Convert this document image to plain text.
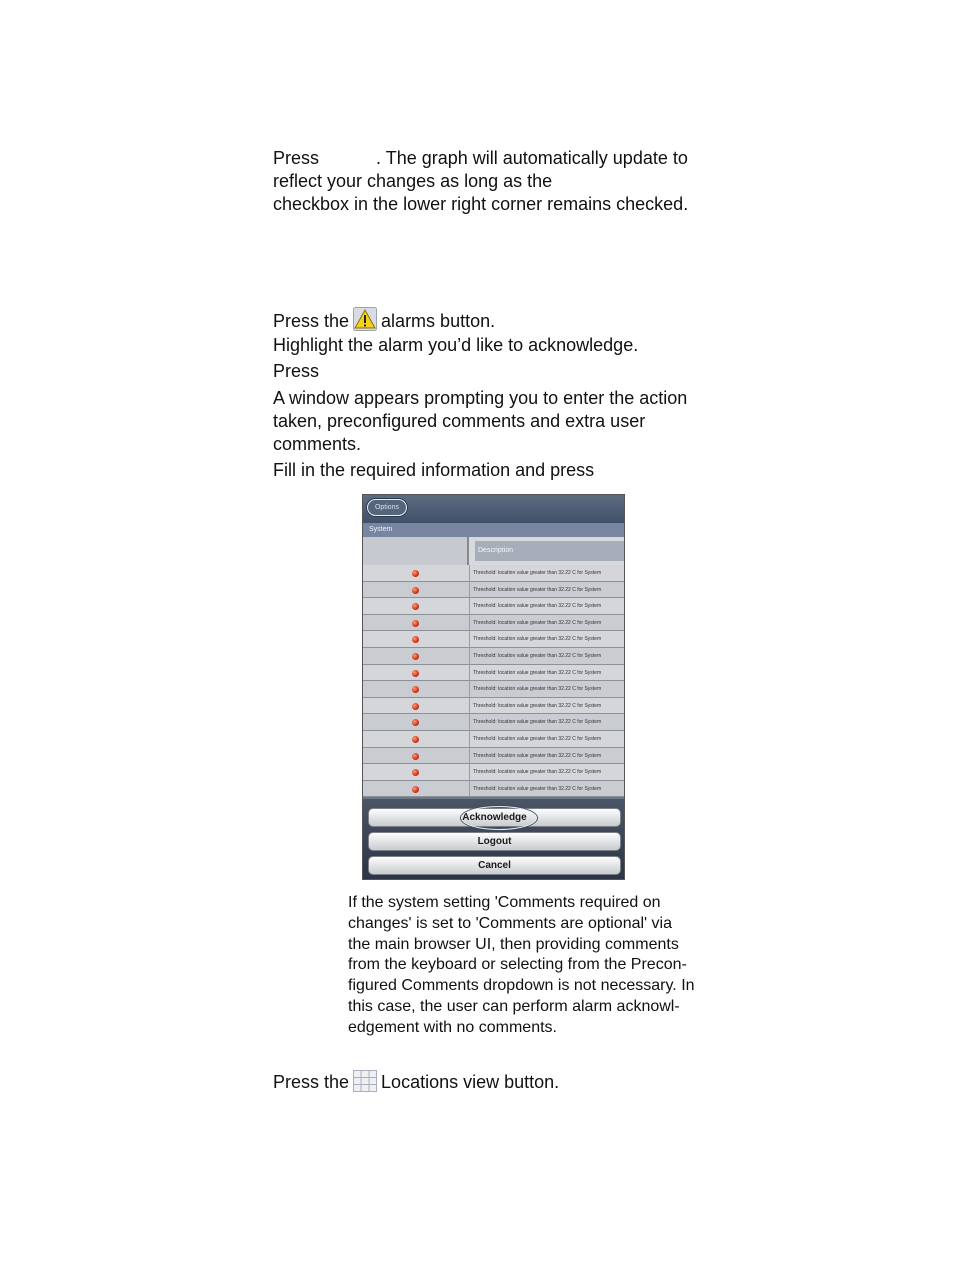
Press	. The graph will automatically update to
reflect your changes as long as the
checkbox in the lower right corner remains checked.
Press the alarms button.
Highlight the alarm you’d like to acknowledge.
Press
A window appears prompting you to enter the action
taken, preconfigured comments and extra user
comments.
Fill in the required information and press
Options
System
Description
Threshold: location value greater than 32.22 C for System
Threshold: location value greater than 32.22 C for System
Threshold: location value greater than 32.22 C for System
Threshold: location value greater than 32.22 C for System
Threshold: location value greater than 32.22 C for System
Threshold: location value greater than 32.22 C for System
Threshold: location value greater than 32.22 C for System
Threshold: location value greater than 32.22 C for System
Threshold: location value greater than 32.22 C for System
Threshold: location value greater than 32.22 C for System
Threshold: location value greater than 32.22 C for System
Threshold: location value greater than 32.22 C for System
Threshold: location value greater than 32.22 C for System
Threshold: location value greater than 32.22 C for System
Acknowledge
Logout
Cancel
If the system setting 'Comments required on
changes' is set to 'Comments are optional' via
the main browser UI, then providing comments
from the keyboard or selecting from the Precon-
figured Comments dropdown is not necessary. In
this case, the user can perform alarm acknowl-
edgement with no comments.
Press the Locations view button.
